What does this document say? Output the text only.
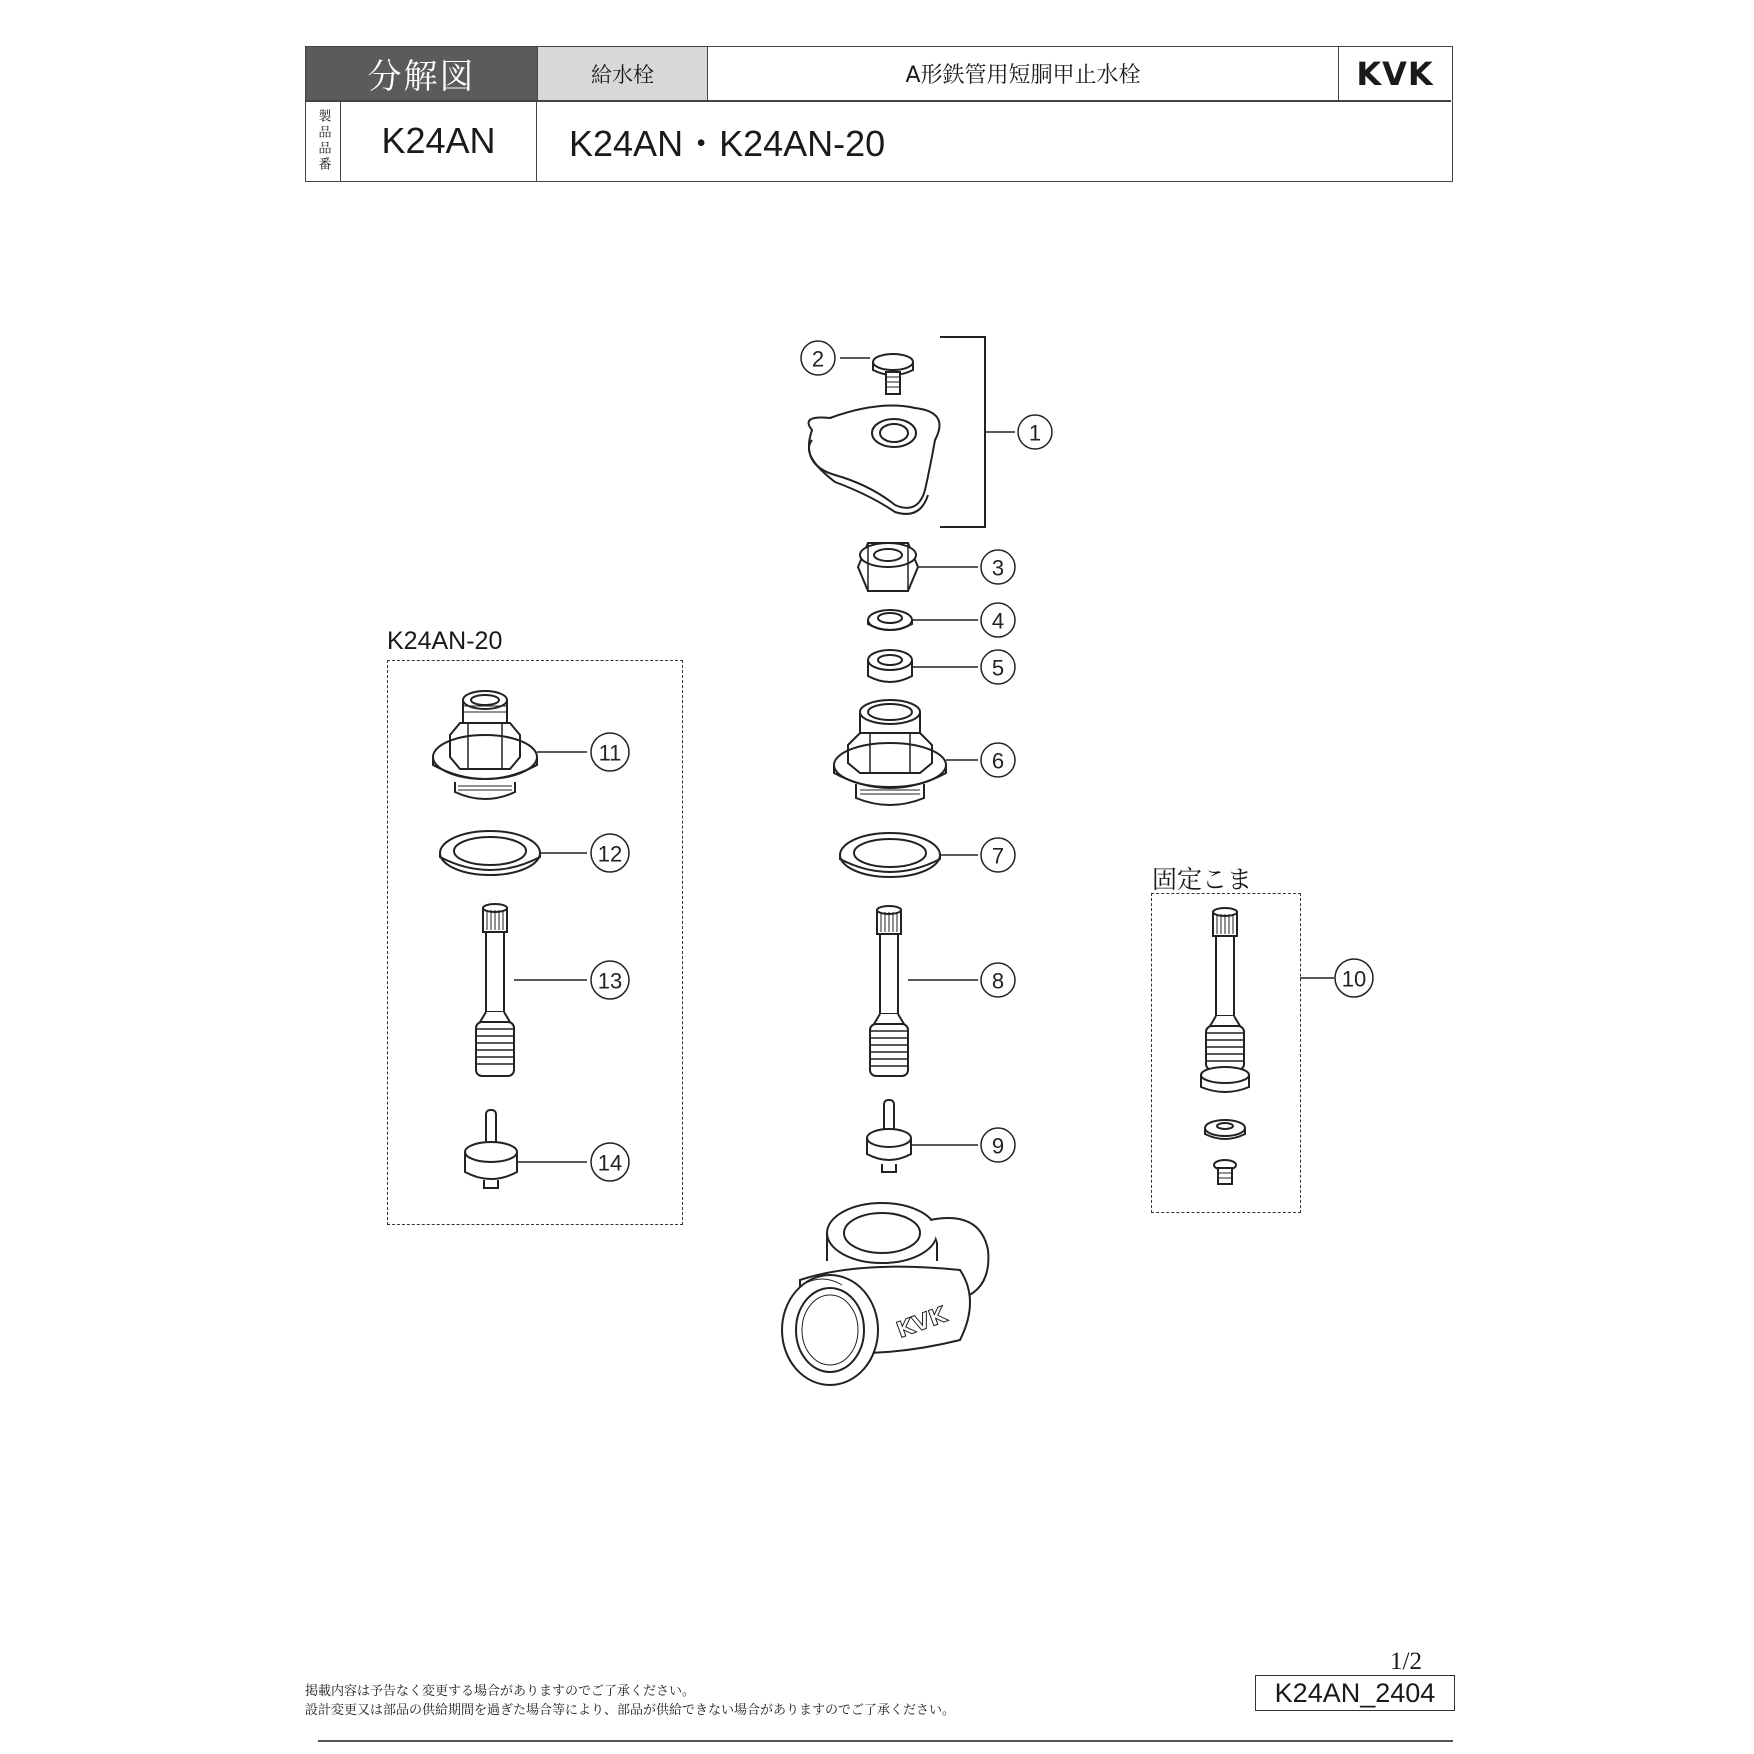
分解図	給水栓	A形鉄管用短胴甲止水栓	KVK
製品品番	K24AN	K24AN・K24AN-20
K24AN-20
固定こま
KVK
2
1
3
4
5
6
7
8
9
10
11
12
13
14
掲載内容は予告なく変更する場合がありますのでご了承ください。
設計変更又は部品の供給期間を過ぎた場合等により、部品が供給できない場合がありますのでご了承ください。
1/2
K24AN_2404
